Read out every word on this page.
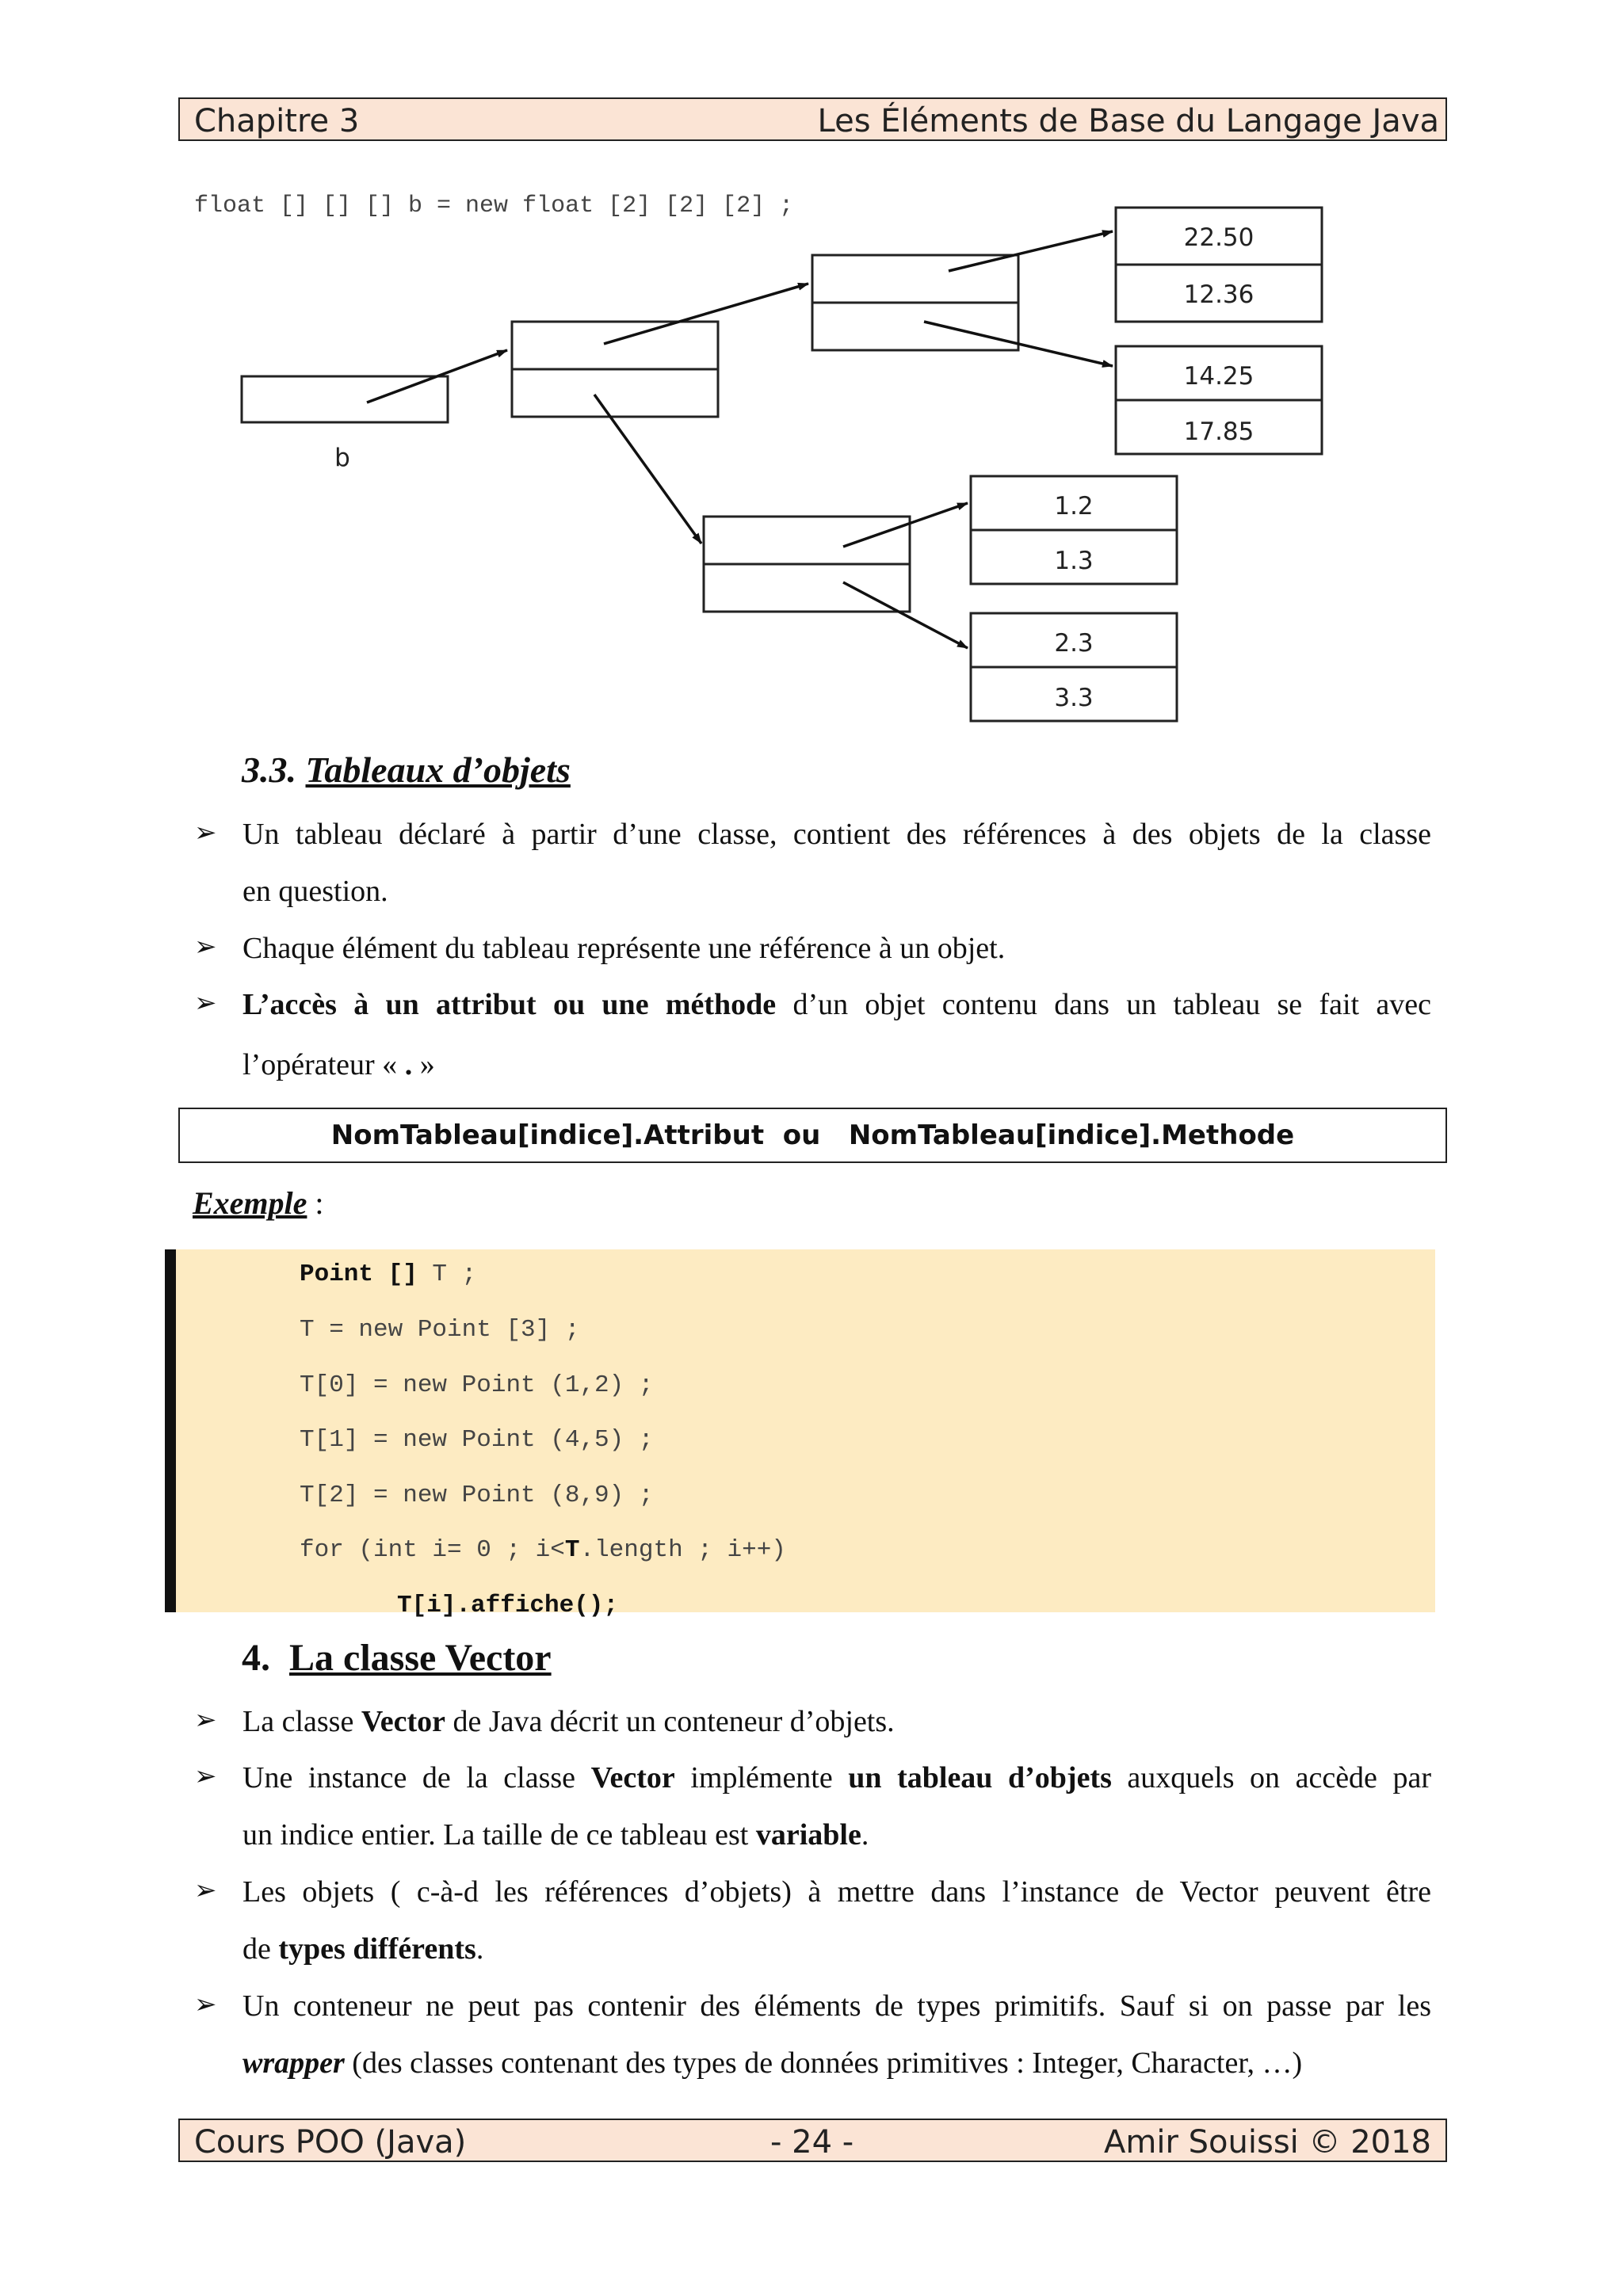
Chapitre 3	Les Éléments de Base du Langage Java
float [] [] [] b = new float [2] [2] [2] ;
b
22.50
12.36
14.25
17.85
1.2
1.3
2.3
3.3
3.3. Tableaux d’objets
➢ Un tableau déclaré à partir d’une classe, contient des références à des objets de la classe
en question.
➢ Chaque élément du tableau représente une référence à un objet.
➢ L’accès à un attribut ou une méthode d’un objet contenu dans un tableau se fait avec
l’opérateur « . »
NomTableau[indice].Attribut  ou   NomTableau[indice].Methode
Exemple :
Point [] T ;
T = new Point [3] ;
T[0] = new Point (1,2) ;
T[1] = new Point (4,5) ;
T[2] = new Point (8,9) ;
for (int i= 0 ; i<T.length ; i++)
T[i].affiche();
4. La classe Vector
➢ La classe Vector de Java décrit un conteneur d’objets.
➢ Une instance de la classe Vector implémente un tableau d’objets auxquels on accède par
un indice entier. La taille de ce tableau est variable.
➢ Les objets ( c-à-d les références d’objets) à mettre dans l’instance de Vector peuvent être
de types différents.
➢ Un conteneur ne peut pas contenir des éléments de types primitifs. Sauf si on passe par les
wrapper (des classes contenant des types de données primitives : Integer, Character, …)
Cours POO (Java)	- 24 -	Amir Souissi © 2018
